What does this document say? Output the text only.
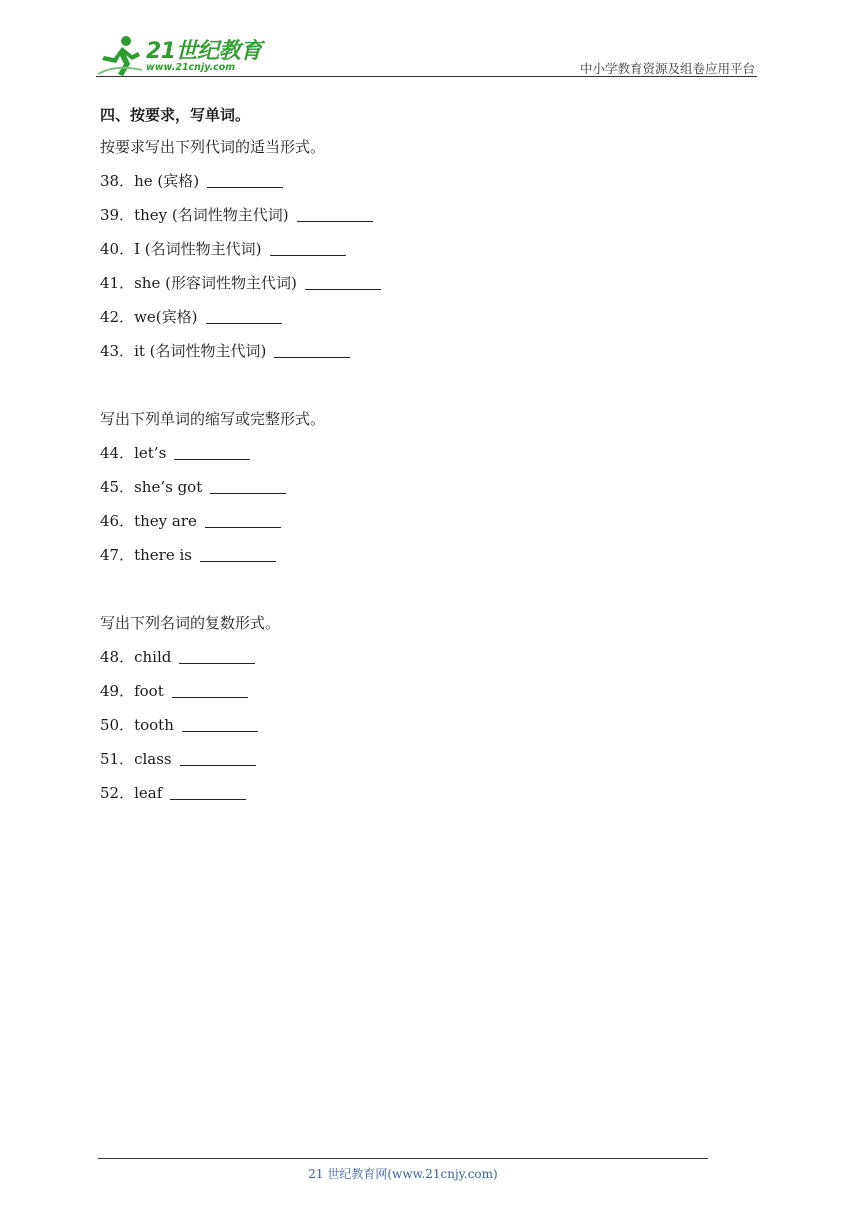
21世纪教育
www.21cnjy.com	中小学教育资源及组卷应用平台
四、按要求，写单词。
按要求写出下列代词的适当形式。
38．he (宾格)
39．they (名词性物主代词)
40．I (名词性物主代词)
41．she (形容词性物主代词)
42．we(宾格)
43．it (名词性物主代词)
写出下列单词的缩写或完整形式。
44．let’s
45．she’s got
46．they are
47．there is
写出下列名词的复数形式。
48．child
49．foot
50．tooth
51．class
52．leaf
21 世纪教育网(www.21cnjy.com)
